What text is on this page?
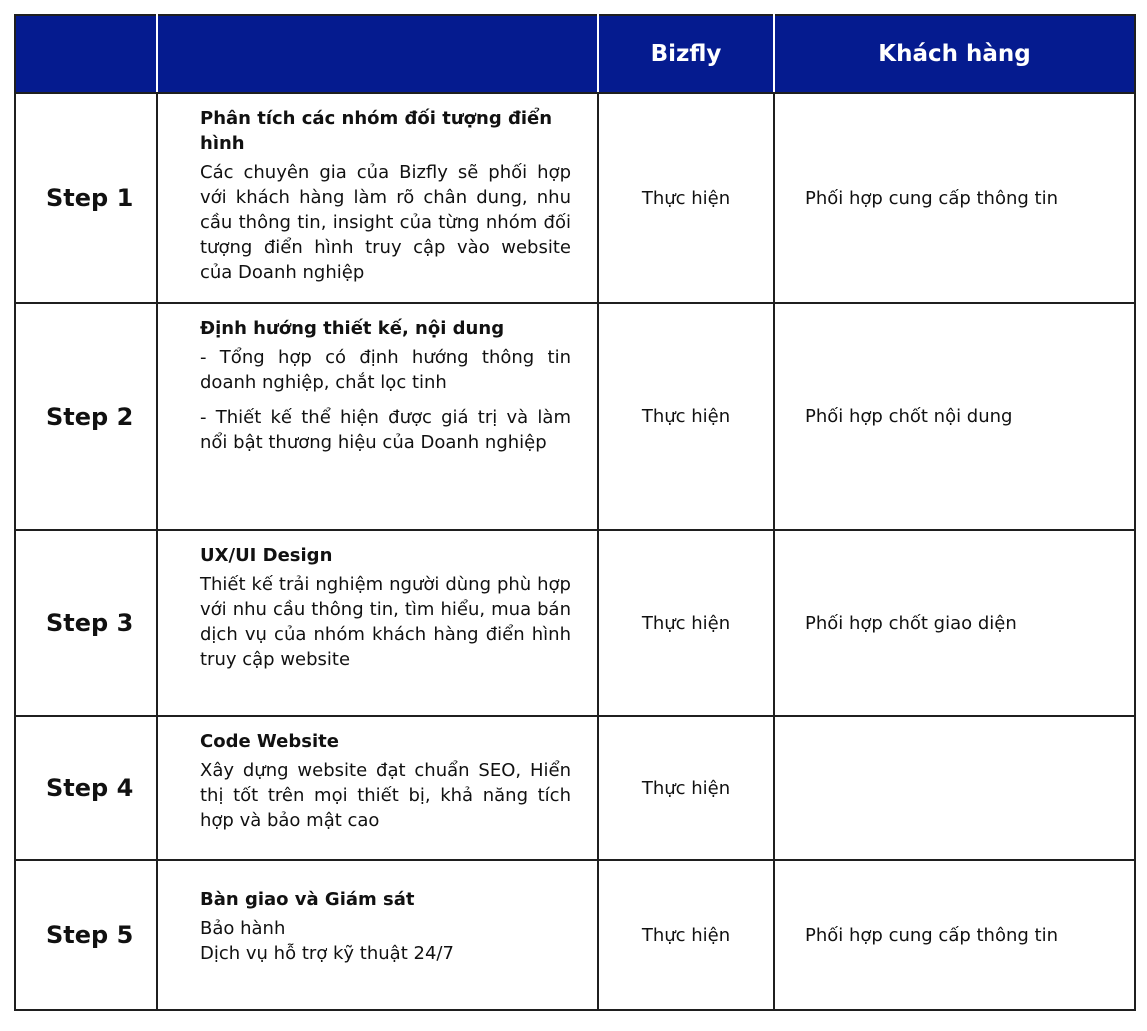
		Bizfly	Khách hàng
Step 1	Phân tích các nhóm đối tượng điển hình

Các chuyên gia của Bizfly sẽ phối hợp với khách hàng làm rõ chân dung, nhu cầu thông tin, insight của từng nhóm đối tượng điển hình truy cập vào website của Doanh nghiệp	Thực hiện	Phối hợp cung cấp thông tin
Step 2	Định hướng thiết kế, nội dung

- Tổng hợp có định hướng thông tin doanh nghiệp, chắt lọc tinh

- Thiết kế thể hiện được giá trị và làm nổi bật thương hiệu của Doanh nghiệp	Thực hiện	Phối hợp chốt nội dung
Step 3	UX/UI Design

Thiết kế trải nghiệm người dùng phù hợp với nhu cầu thông tin, tìm hiểu, mua bán dịch vụ của nhóm khách hàng điển hình truy cập website	Thực hiện	Phối hợp chốt giao diện
Step 4	Code Website

Xây dựng website đạt chuẩn SEO, Hiển thị tốt trên mọi thiết bị, khả năng tích hợp và bảo mật cao	Thực hiện	
Step 5	Bàn giao và Giám sát

Bảo hành

Dịch vụ hỗ trợ kỹ thuật 24/7	Thực hiện	Phối hợp cung cấp thông tin
